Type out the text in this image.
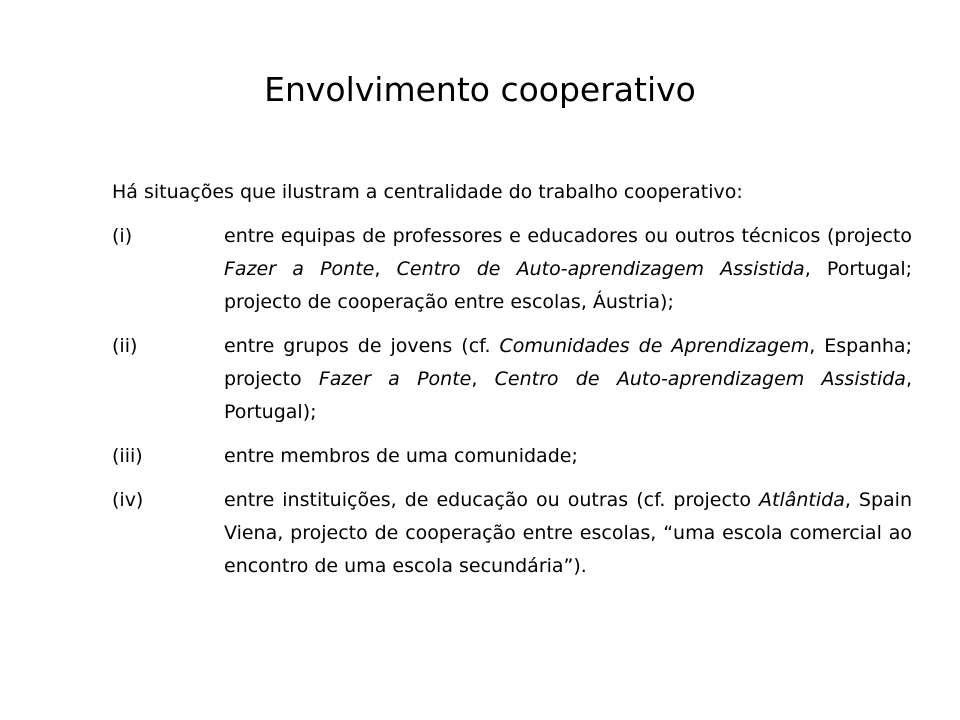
Envolvimento cooperativo

Há situações que ilustram a centralidade do trabalho cooperativo:

(i)	entre equipas de professores e educadores ou outros técnicos (projecto Fazer a Ponte, Centro de Auto-aprendizagem Assistida, Portugal; projecto de cooperação entre escolas, Áustria);
(ii)	entre grupos de jovens (cf. Comunidades de Aprendizagem, Espanha; projecto Fazer a Ponte, Centro de Auto-aprendizagem Assistida, Portugal);
(iii)	entre membros de uma comunidade;
(iv)	entre instituições, de educação ou outras (cf. projecto Atlântida, Spain Viena, projecto de cooperação entre escolas, “uma escola comercial ao encontro de uma escola secundária”).
